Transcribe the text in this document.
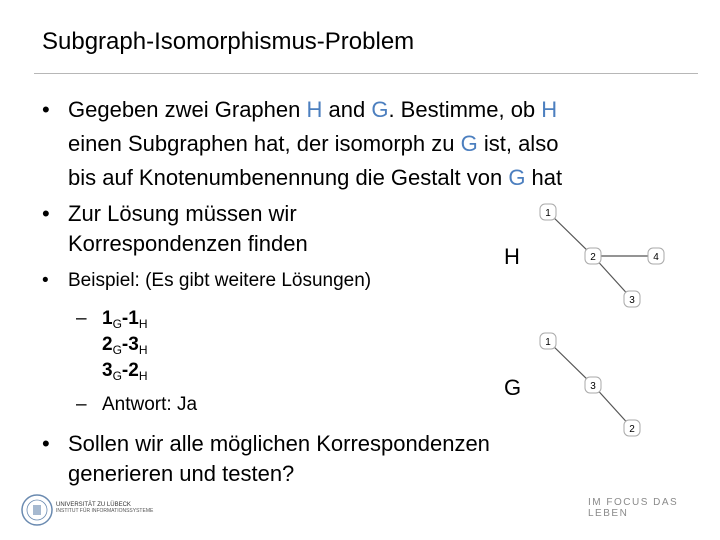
Subgraph-Isomorphismus-Problem
• Gegeben zwei Graphen H and G. Bestimme, ob H
einen Subgraphen hat, der isomorph zu G ist, also
bis auf Knotenumbenennung die Gestalt von G hat
• Zur Lösung müssen wir
Korrespondenzen finden
• Beispiel: (Es gibt weitere Lösungen)
– $1_G-1_H$
$2_G-3_H$
$3_G-2_H$
– Antwort: Ja
• Sollen wir alle möglichen Korrespondenzen
generieren und testen?
H
G
1
2	4
3
1
3
2
UNIVERSITÄT ZU LÜBECK
INSTITUT FÜR INFORMATIONSSYSTEME
IM FOCUS DAS LEBEN
